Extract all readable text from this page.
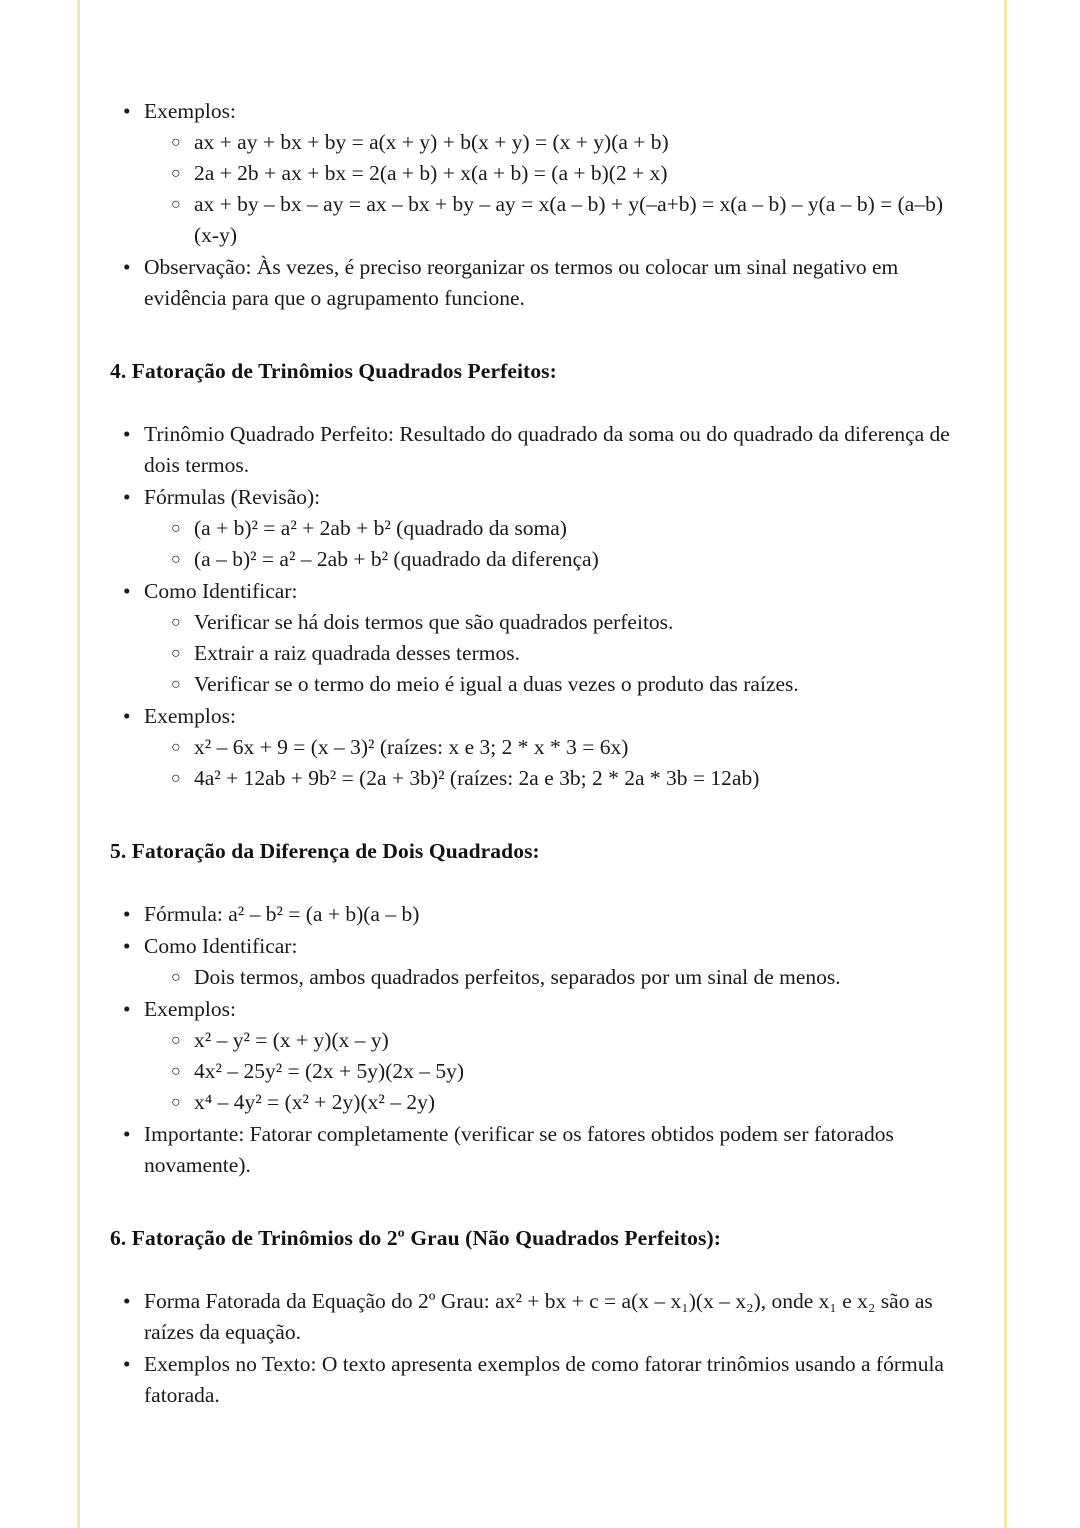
• Exemplos:
○ ax + ay + bx + by = a(x + y) + b(x + y) = (x + y)(a + b)
○ 2a + 2b + ax + bx = 2(a + b) + x(a + b) = (a + b)(2 + x)
○ ax + by – bx – ay = ax – bx + by – ay = x(a – b) + y(–a+b) = x(a – b) – y(a – b) = (a–b) (x-y)
• Observação: Às vezes, é preciso reorganizar os termos ou colocar um sinal negativo em evidência para que o agrupamento funcione.
4. Fatoração de Trinômios Quadrados Perfeitos:
• Trinômio Quadrado Perfeito: Resultado do quadrado da soma ou do quadrado da diferença de dois termos.
• Fórmulas (Revisão):
○ (a + b)² = a² + 2ab + b² (quadrado da soma)
○ (a – b)² = a² – 2ab + b² (quadrado da diferença)
• Como Identificar:
○ Verificar se há dois termos que são quadrados perfeitos.
○ Extrair a raiz quadrada desses termos.
○ Verificar se o termo do meio é igual a duas vezes o produto das raízes.
• Exemplos:
○ x² – 6x + 9 = (x – 3)² (raízes: x e 3; 2 * x * 3 = 6x)
○ 4a² + 12ab + 9b² = (2a + 3b)² (raízes: 2a e 3b; 2 * 2a * 3b = 12ab)
5. Fatoração da Diferença de Dois Quadrados:
• Fórmula: a² – b² = (a + b)(a – b)
• Como Identificar:
○ Dois termos, ambos quadrados perfeitos, separados por um sinal de menos.
• Exemplos:
○ x² – y² = (x + y)(x – y)
○ 4x² – 25y² = (2x + 5y)(2x – 5y)
○ x⁴ – 4y² = (x² + 2y)(x² – 2y)
• Importante: Fatorar completamente (verificar se os fatores obtidos podem ser fatorados novamente).
6. Fatoração de Trinômios do 2º Grau (Não Quadrados Perfeitos):
• Forma Fatorada da Equação do 2º Grau: ax² + bx + c = a(x – x₁)(x – x₂), onde x₁ e x₂ são as raízes da equação.
• Exemplos no Texto: O texto apresenta exemplos de como fatorar trinômios usando a fórmula fatorada.
